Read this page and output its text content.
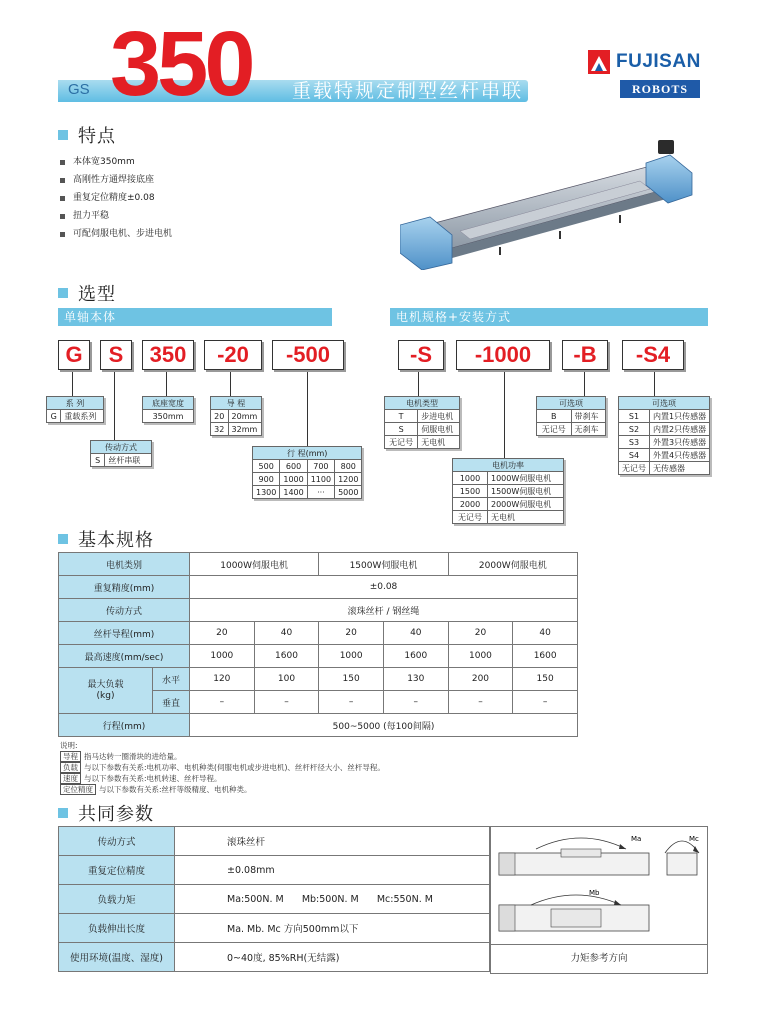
GS 350 重载特规定制型丝杆串联
FUJISAN
ROBOTS
特点
本体宽350mm
高刚性方通焊接底座
重复定位精度±0.08
扭力平稳
可配伺服电机、步进电机
选型
单轴本体	电机规格+安装方式
G	S	350	-20	-500	-S	-1000	-B	-S4
系 列
G	重载系列
传动方式
S	丝杆串联
底座宽度
350mm
导 程	
20	20mm
32	32mm
行 程(mm)			
500	600	700	800
900	1000	1100	1200
1300	1400	···	5000
电机类型	
T	步进电机
S	伺服电机
无记号	无电机
电机功率	
1000	1000W伺服电机
1500	1500W伺服电机
2000	2000W伺服电机
无记号	无电机
可选项	
B	带刹车
无记号	无刹车
可选项	
S1	内置1只传感器
S2	内置2只传感器
S3	外置3只传感器
S4	外置4只传感器
无记号	无传感器
基本规格
电机类别		1000W伺服电机		1500W伺服电机		2000W伺服电机	
重复精度(mm)		±0.08					
传动方式		滚珠丝杆 / 钢丝绳					
丝杆导程(mm)		20	40	20	40	20	40
最高速度(mm/sec)		1000	1600	1000	1600	1000	1600
最大负载
(kg)	水平	120	100	150	130	200	150
	垂直	–	–	–	–	–	–
行程(mm)		500~5000 (每100间隔)					
说明:
导程 指马达转一圈滑块的进给量。
负载 与以下参数有关系:电机功率、电机种类(伺服电机或步进电机)、丝杆杆径大小、丝杆导程。
速度 与以下参数有关系:电机转速、丝杆导程。
定位精度 与以下参数有关系:丝杆等级精度、电机种类。
共同参数
传动方式	滚珠丝杆
重复定位精度	±0.08mm
负载力矩	Ma:500N. M      Mb:500N. M      Mc:550N. M
负载伸出长度	Ma. Mb. Mc 方向500mm以下
使用环境(温度、湿度)	0~40度, 85%RH(无结露)
Ma	Mc
Mb
力矩参考方向
